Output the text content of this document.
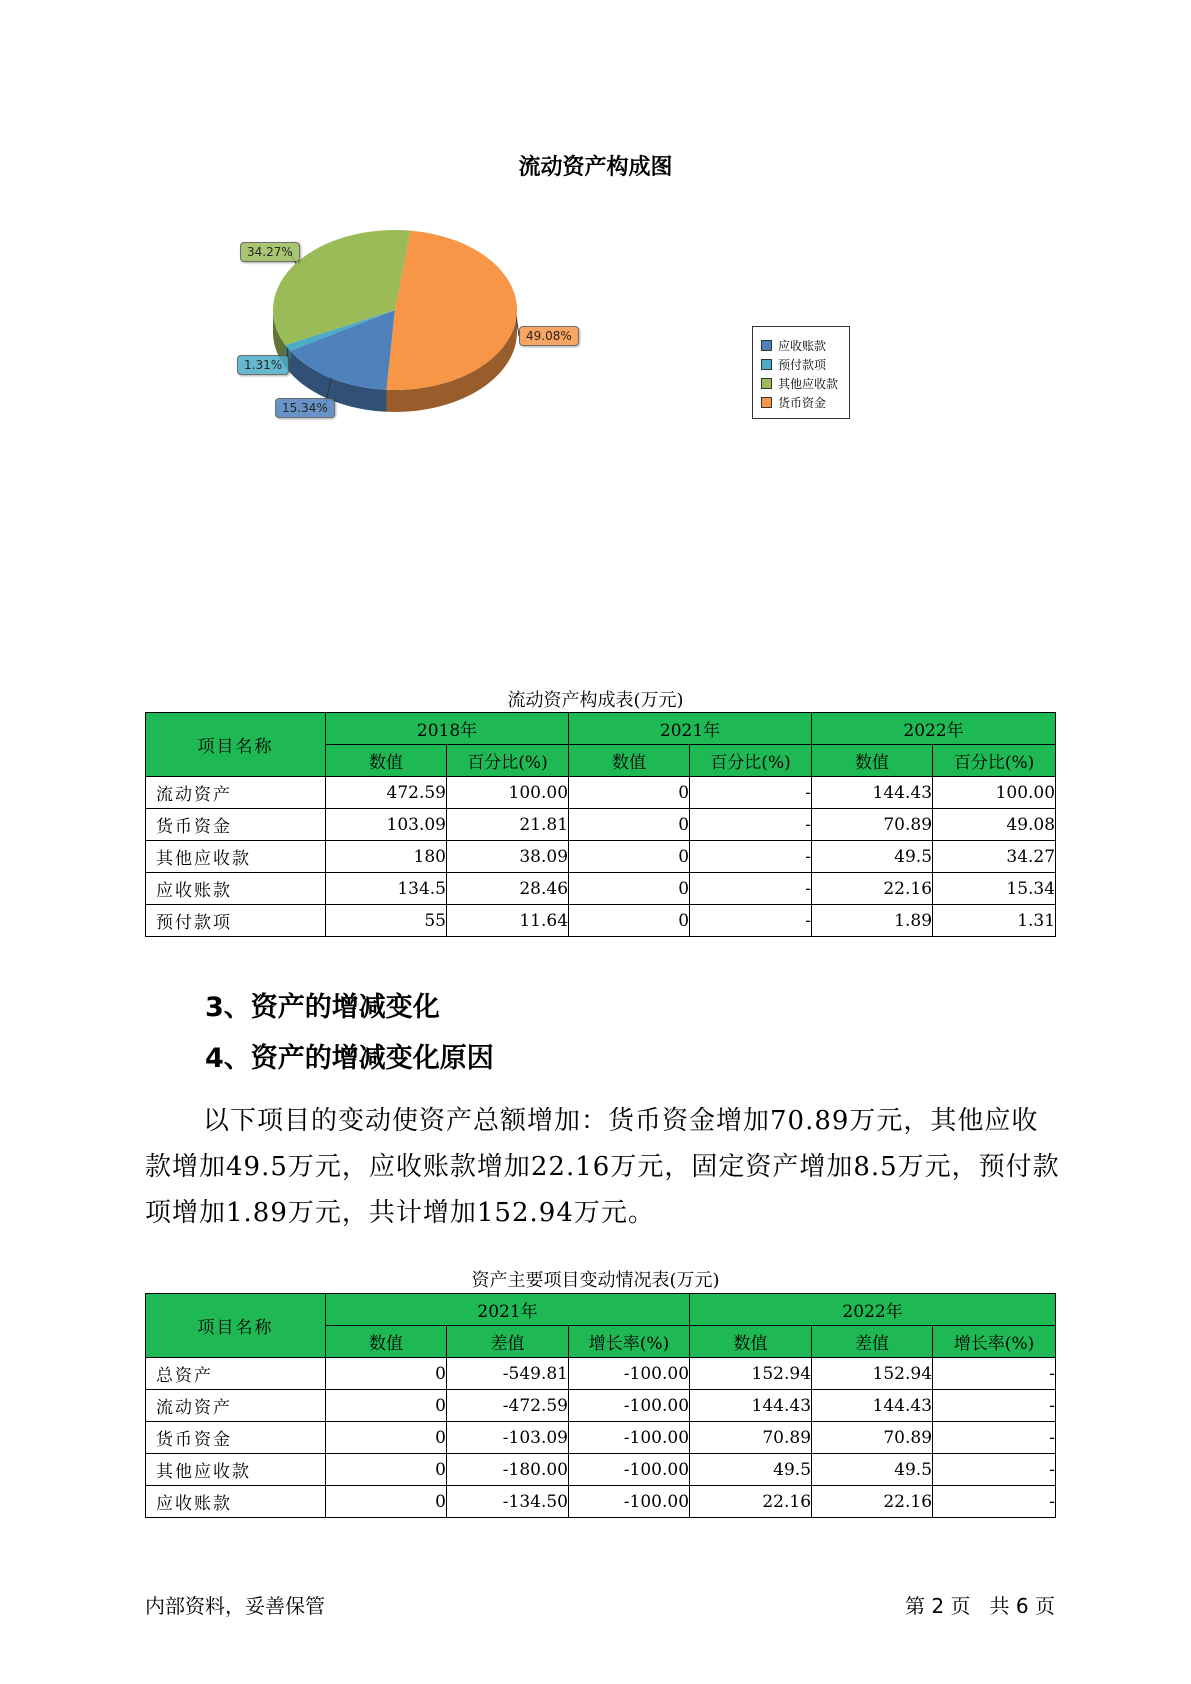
流动资产构成图
15.34%
1.31%
34.27%
49.08%
应收账款
预付款项
其他应收款
货币资金
流动资产构成表(万元)
项目名称	2018年		2021年		2022年	
	数值	百分比(%)	数值	百分比(%)	数值	百分比(%)
流动资产	472.59	100.00	0	-	144.43	100.00
货币资金	103.09	21.81	0	-	70.89	49.08
其他应收款	180	38.09	0	-	49.5	34.27
应收账款	134.5	28.46	0	-	22.16	15.34
预付款项	55	11.64	0	-	1.89	1.31
3、资产的增减变化
4、资产的增减变化原因
以下项目的变动使资产总额增加：货币资金增加70.89万元，其他应收款增加49.5万元，应收账款增加22.16万元，固定资产增加8.5万元，预付款项增加1.89万元，共计增加152.94万元。
资产主要项目变动情况表(万元)
项目名称	2021年			2022年		
	数值	差值	增长率(%)	数值	差值	增长率(%)
总资产	0	-549.81	-100.00	152.94	152.94	-
流动资产	0	-472.59	-100.00	144.43	144.43	-
货币资金	0	-103.09	-100.00	70.89	70.89	-
其他应收款	0	-180.00	-100.00	49.5	49.5	-
应收账款	0	-134.50	-100.00	22.16	22.16	-
内部资料，妥善保管	第 2 页   共 6 页
